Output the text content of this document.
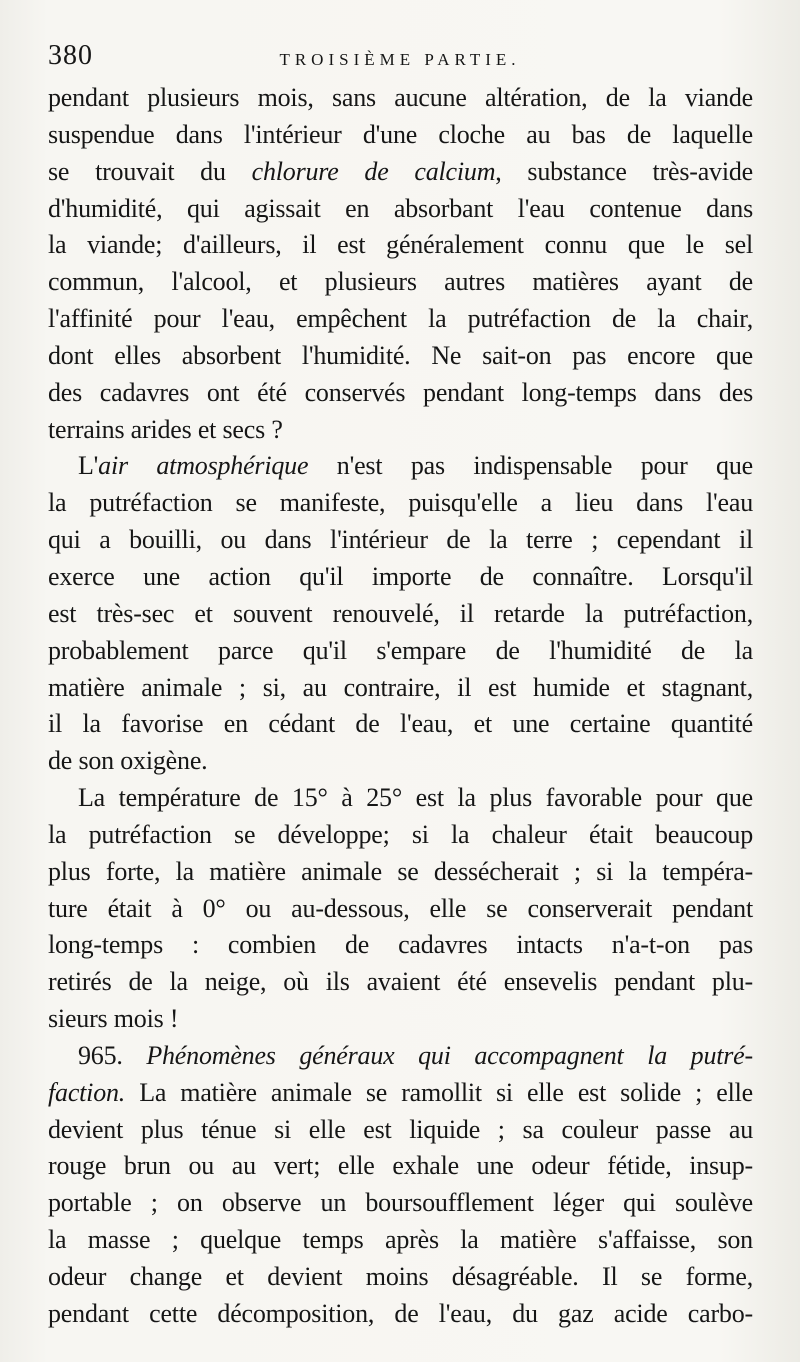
380	TROISIÈME PARTIE.
pendant plusieurs mois, sans aucune altération, de la viande
suspendue dans l'intérieur d'une cloche au bas de laquelle
se trouvait du chlorure de calcium, substance très-avide
d'humidité, qui agissait en absorbant l'eau contenue dans
la viande; d'ailleurs, il est généralement connu que le sel
commun, l'alcool, et plusieurs autres matières ayant de
l'affinité pour l'eau, empêchent la putréfaction de la chair,
dont elles absorbent l'humidité. Ne sait-on pas encore que
des cadavres ont été conservés pendant long-temps dans des
terrains arides et secs ?
L'air atmosphérique n'est pas indispensable pour que
la putréfaction se manifeste, puisqu'elle a lieu dans l'eau
qui a bouilli, ou dans l'intérieur de la terre ; cependant il
exerce une action qu'il importe de connaître. Lorsqu'il
est très-sec et souvent renouvelé, il retarde la putréfaction,
probablement parce qu'il s'empare de l'humidité de la
matière animale ; si, au contraire, il est humide et stagnant,
il la favorise en cédant de l'eau, et une certaine quantité
de son oxigène.
La température de 15° à 25° est la plus favorable pour que
la putréfaction se développe; si la chaleur était beaucoup
plus forte, la matière animale se dessécherait ; si la tempéra-
ture était à 0° ou au-dessous, elle se conserverait pendant
long-temps : combien de cadavres intacts n'a-t-on pas
retirés de la neige, où ils avaient été ensevelis pendant plu-
sieurs mois !
965. Phénomènes généraux qui accompagnent la putré-
faction. La matière animale se ramollit si elle est solide ; elle
devient plus ténue si elle est liquide ; sa couleur passe au
rouge brun ou au vert; elle exhale une odeur fétide, insup-
portable ; on observe un boursoufflement léger qui soulève
la masse ; quelque temps après la matière s'affaisse, son
odeur change et devient moins désagréable. Il se forme,
pendant cette décomposition, de l'eau, du gaz acide carbo-
